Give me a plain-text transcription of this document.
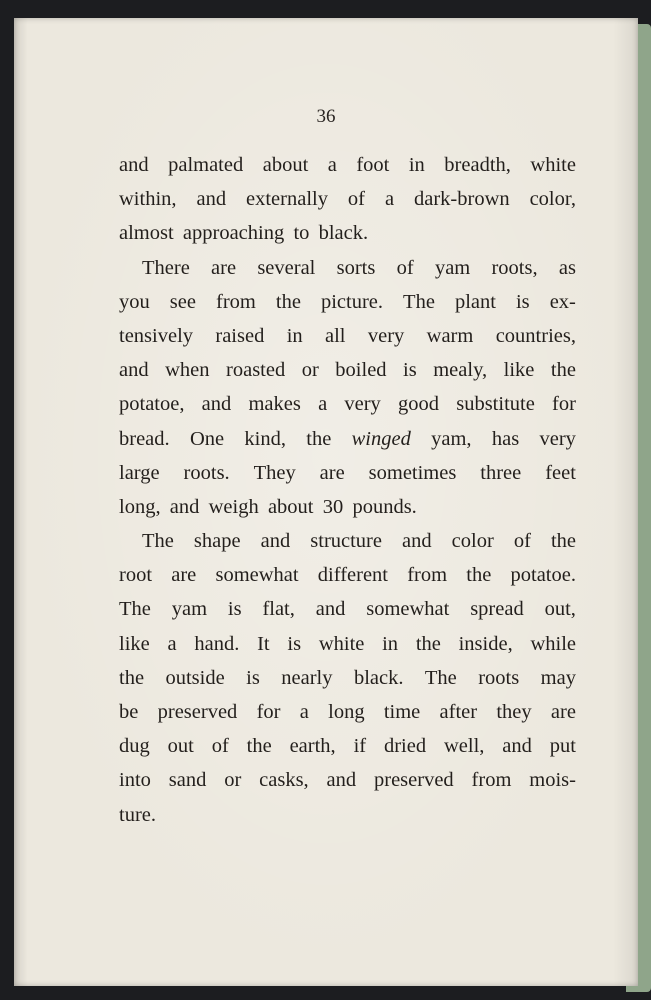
36
and palmated about a foot in breadth, white
within, and externally of a dark-brown color,
almost approaching to black.
There are several sorts of yam roots, as
you see from the picture. The plant is ex-
tensively raised in all very warm countries,
and when roasted or boiled is mealy, like the
potatoe, and makes a very good substitute for
bread. One kind, the winged yam, has very
large roots. They are sometimes three feet
long, and weigh about 30 pounds.
The shape and structure and color of the
root are somewhat different from the potatoe.
The yam is flat, and somewhat spread out,
like a hand. It is white in the inside, while
the outside is nearly black. The roots may
be preserved for a long time after they are
dug out of the earth, if dried well, and put
into sand or casks, and preserved from mois-
ture.
